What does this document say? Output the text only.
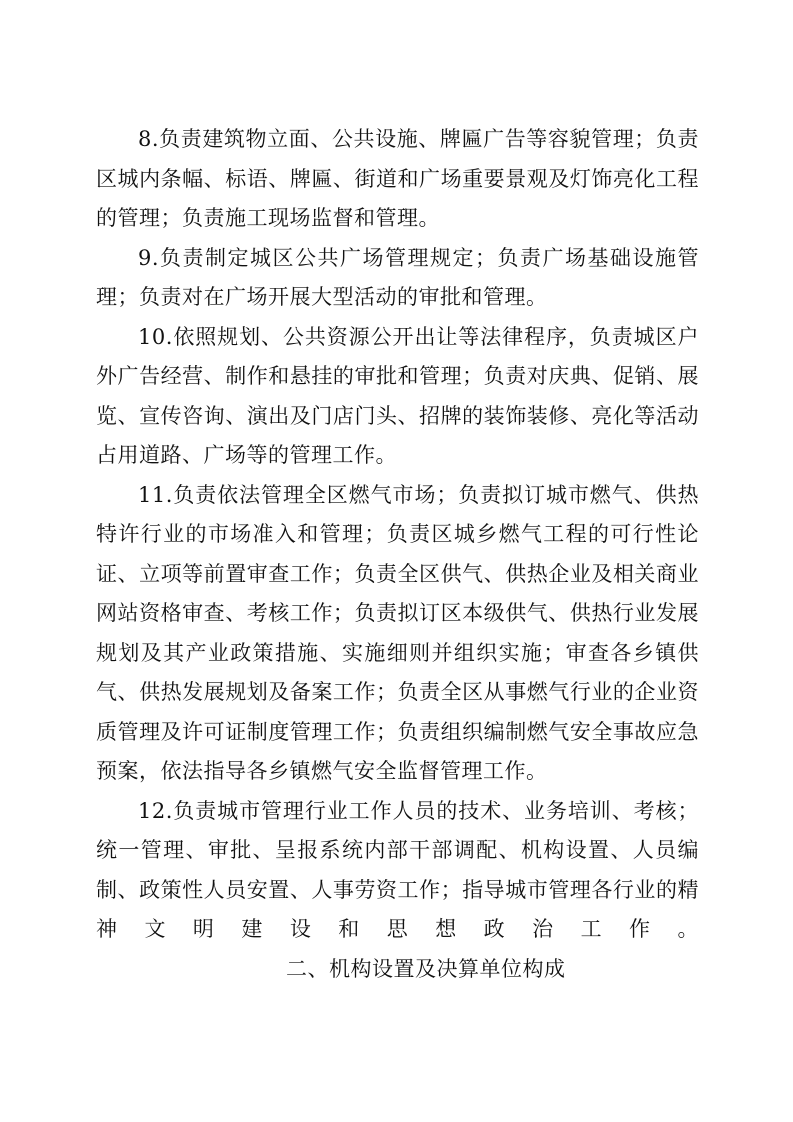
8.负责建筑物立面、公共设施、牌匾广告等容貌管理；负责区城内条幅、标语、牌匾、街道和广场重要景观及灯饰亮化工程的管理；负责施工现场监督和管理。

9.负责制定城区公共广场管理规定；负责广场基础设施管理；负责对在广场开展大型活动的审批和管理。

10.依照规划、公共资源公开出让等法律程序，负责城区户外广告经营、制作和悬挂的审批和管理；负责对庆典、促销、展览、宣传咨询、演出及门店门头、招牌的装饰装修、亮化等活动占用道路、广场等的管理工作。

11.负责依法管理全区燃气市场；负责拟订城市燃气、供热特许行业的市场准入和管理；负责区城乡燃气工程的可行性论证、立项等前置审查工作；负责全区供气、供热企业及相关商业网站资格审查、考核工作；负责拟订区本级供气、供热行业发展规划及其产业政策措施、实施细则并组织实施；审查各乡镇供气、供热发展规划及备案工作；负责全区从事燃气行业的企业资质管理及许可证制度管理工作；负责组织编制燃气安全事故应急预案，依法指导各乡镇燃气安全监督管理工作。

12.负责城市管理行业工作人员的技术、业务培训、考核；统一管理、审批、呈报系统内部干部调配、机构设置、人员编制、政策性人员安置、人事劳资工作；指导城市管理各行业的精神文明建设和思想政治工作。二、机构设置及决算单位构成
